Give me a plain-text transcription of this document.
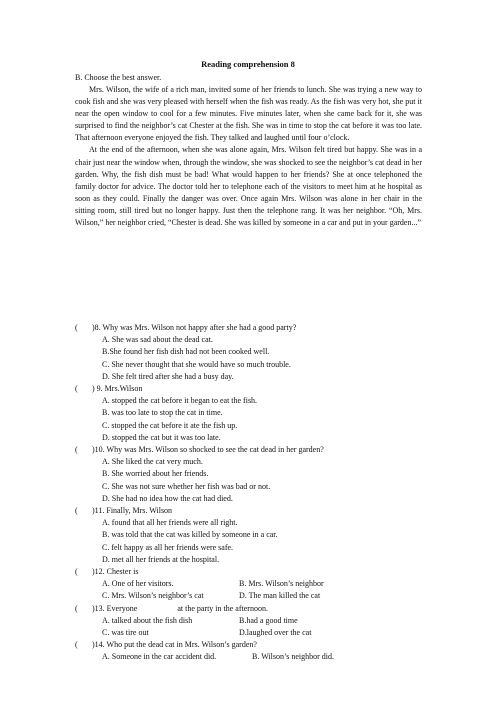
Reading comprehension 8
B. Choose the best answer.

Mrs. Wilson, the wife of a rich man, invited some of her friends to lunch. She was trying a new way to cook fish and she was very pleased with herself when the fish was ready. As the fish was very hot, she put it near the open window to cool for a few minutes. Five minutes later, when she came back for it, she was surprised to find the neighbor’s cat Chester at the fish. She was in time to stop the cat before it was too late. That afternoon everyone enjoyed the fish. They talked and laughed until four o’clock.

At the end of the afternoon, when she was alone again, Mrs. Wilson felt tired but happy. She was in a chair just near the window when, through the window, she was shocked to see the neighbor’s cat dead in her garden. Why, the fish dish must be bad! What would happen to her friends? She at once telephoned the family doctor for advice. The doctor told her to telephone each of the visitors to meet him at he hospital as soon as they could. Finally the danger was over. Once again Mrs. Wilson was alone in her chair in the sitting room, still tired but no longer happy. Just then the telephone rang. It was her neighbor. “Oh, Mrs. Wilson,” her neighbor cried, “Chester is dead. She was killed by someone in a car and put in your garden...”

( )8. Why was Mrs. Wilson not happy after she had a good party?
A. She was sad about the dead cat.
B.She found her fish dish had not been cooked well.
C. She never thought that she would have so much trouble.
D. She felt tired after she had a busy day.
( ) 9. Mrs.Wilson
A. stopped the cat before it began to eat the fish.
B. was too late to stop the cat in time.
C. stopped the cat before it ate the fish up.
D. stopped the cat but it was too late.
( )10. Why was Mrs. Wilson so shocked to see the cat dead in her garden?
A. She liked the cat very much.
B. She worried about her friends.
C. She was not sure whether her fish was bad or not.
D. She had no idea how the cat had died.
( )11. Finally, Mrs. Wilson
A. found that all her friends were all right.
B. was told that the cat was killed by someone in a car.
C. felt happy as all her friends were safe.
D. met all her friends at the hospital.
( )12. Chester is
A. One of her visitors.	B. Mrs. Wilson’s neighbor
C. Mrs. Wilson’s neighbor’s cat	D. The man killed the cat
( )13. Everyone                    at the party in the afternoon.
A. talked about the fish dish	B.had a good time
C. was tire out	D.laughed over the cat
( )14. Who put the dead cat in Mrs. Wilson’s garden?
A. Someone in the car accident did.	B. Wilson’s neighbor did.
